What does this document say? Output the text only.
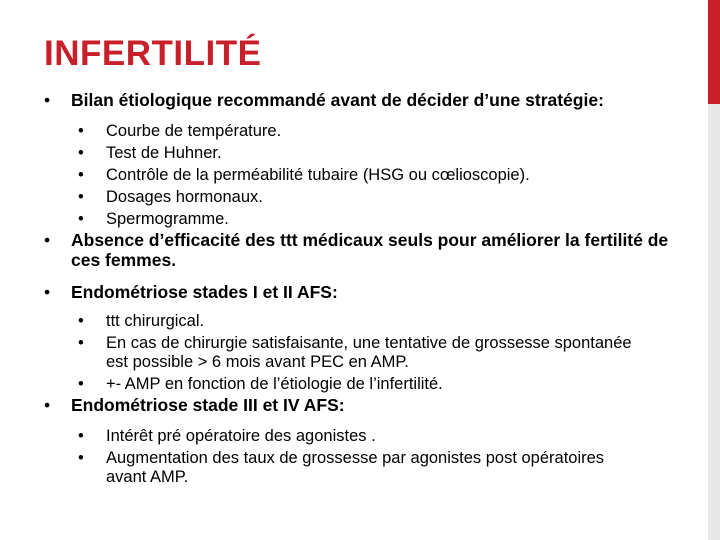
INFERTILITÉ
• Bilan étiologique recommandé avant de décider d’une stratégie:
• Courbe de température.
• Test de Huhner.
• Contrôle de la perméabilité tubaire (HSG ou cœlioscopie).
• Dosages hormonaux.
• Spermogramme.
• Absence d’efficacité des ttt médicaux seuls pour améliorer la fertilité de ces femmes.
• Endométriose stades I et II AFS:
• ttt chirurgical.
• En cas de chirurgie satisfaisante, une tentative de grossesse spontanée est possible > 6 mois avant PEC en AMP.
• +- AMP en fonction de l’étiologie de l’infertilité.
• Endométriose stade III et IV AFS:
• Intérêt pré opératoire des agonistes .
• Augmentation des taux de grossesse par agonistes post opératoires avant AMP.
